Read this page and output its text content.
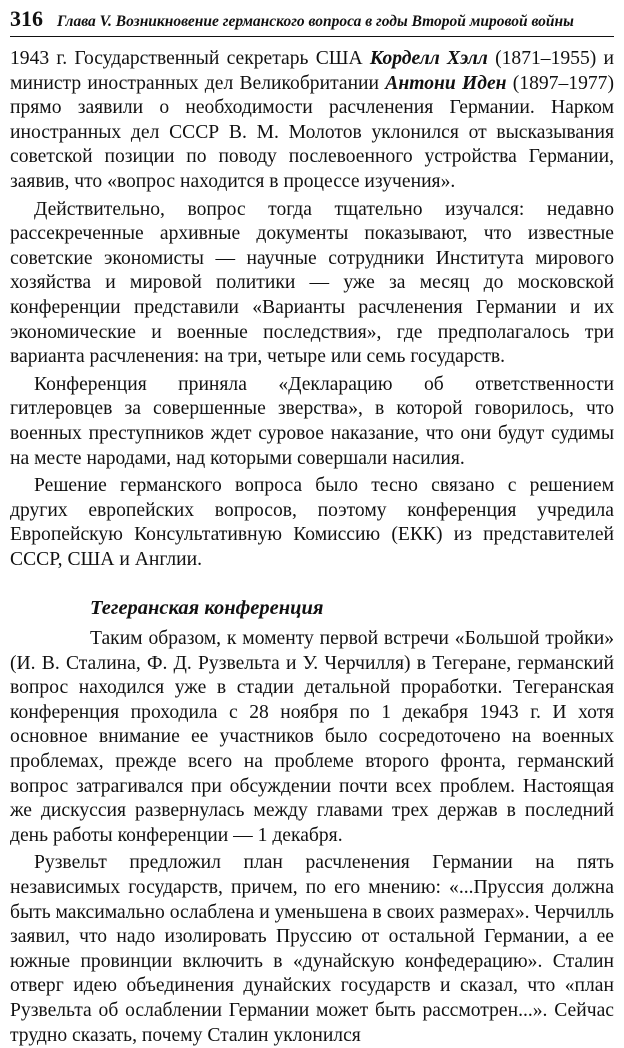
316 Глава V. Возникновение германского вопроса в годы Второй мировой войны

1943 г. Государственный секретарь США Корделл Хэлл (1871–1955) и министр иностранных дел Великобритании Антони Иден (1897–1977) прямо заявили о необходимости расчленения Германии. Нарком иностранных дел СССР В. М. Молотов уклонился от высказывания советской позиции по поводу послевоенного устройства Германии, заявив, что «вопрос находится в процессе изучения».

Действительно, вопрос тогда тщательно изучался: недавно рассекреченные архивные документы показывают, что известные советские экономисты — научные сотрудники Института мирового хозяйства и мировой политики — уже за месяц до московской конференции представили «Варианты расчленения Германии и их экономические и военные последствия», где предполагалось три варианта расчленения: на три, четыре или семь государств.

Конференция приняла «Декларацию об ответственности гитлеровцев за совершенные зверства», в которой говорилось, что военных преступников ждет суровое наказание, что они будут судимы на месте народами, над которыми совершали насилия.

Решение германского вопроса было тесно связано с решением других европейских вопросов, поэтому конференция учредила Европейскую Консультативную Комиссию (ЕКК) из представителей СССР, США и Англии.

Тегеранская конференция

Таким образом, к моменту первой встречи «Большой тройки» (И. В. Сталина, Ф. Д. Рузвельта и У. Черчилля) в Тегеране, германский вопрос находился уже в стадии детальной проработки. Тегеранская конференция проходила с 28 ноября по 1 декабря 1943 г. И хотя основное внимание ее участников было сосредоточено на военных проблемах, прежде всего на проблеме второго фронта, германский вопрос затрагивался при обсуждении почти всех проблем. Настоящая же дискуссия развернулась между главами трех держав в последний день работы конференции — 1 декабря.

Рузвельт предложил план расчленения Германии на пять независимых государств, причем, по его мнению: «...Пруссия должна быть максимально ослаблена и уменьшена в своих размерах». Черчилль заявил, что надо изолировать Пруссию от остальной Германии, а ее южные провинции включить в «дунайскую конфедерацию». Сталин отверг идею объединения дунайских государств и сказал, что «план Рузвельта об ослаблении Германии может быть рассмотрен...». Сейчас трудно сказать, почему Сталин уклонился
